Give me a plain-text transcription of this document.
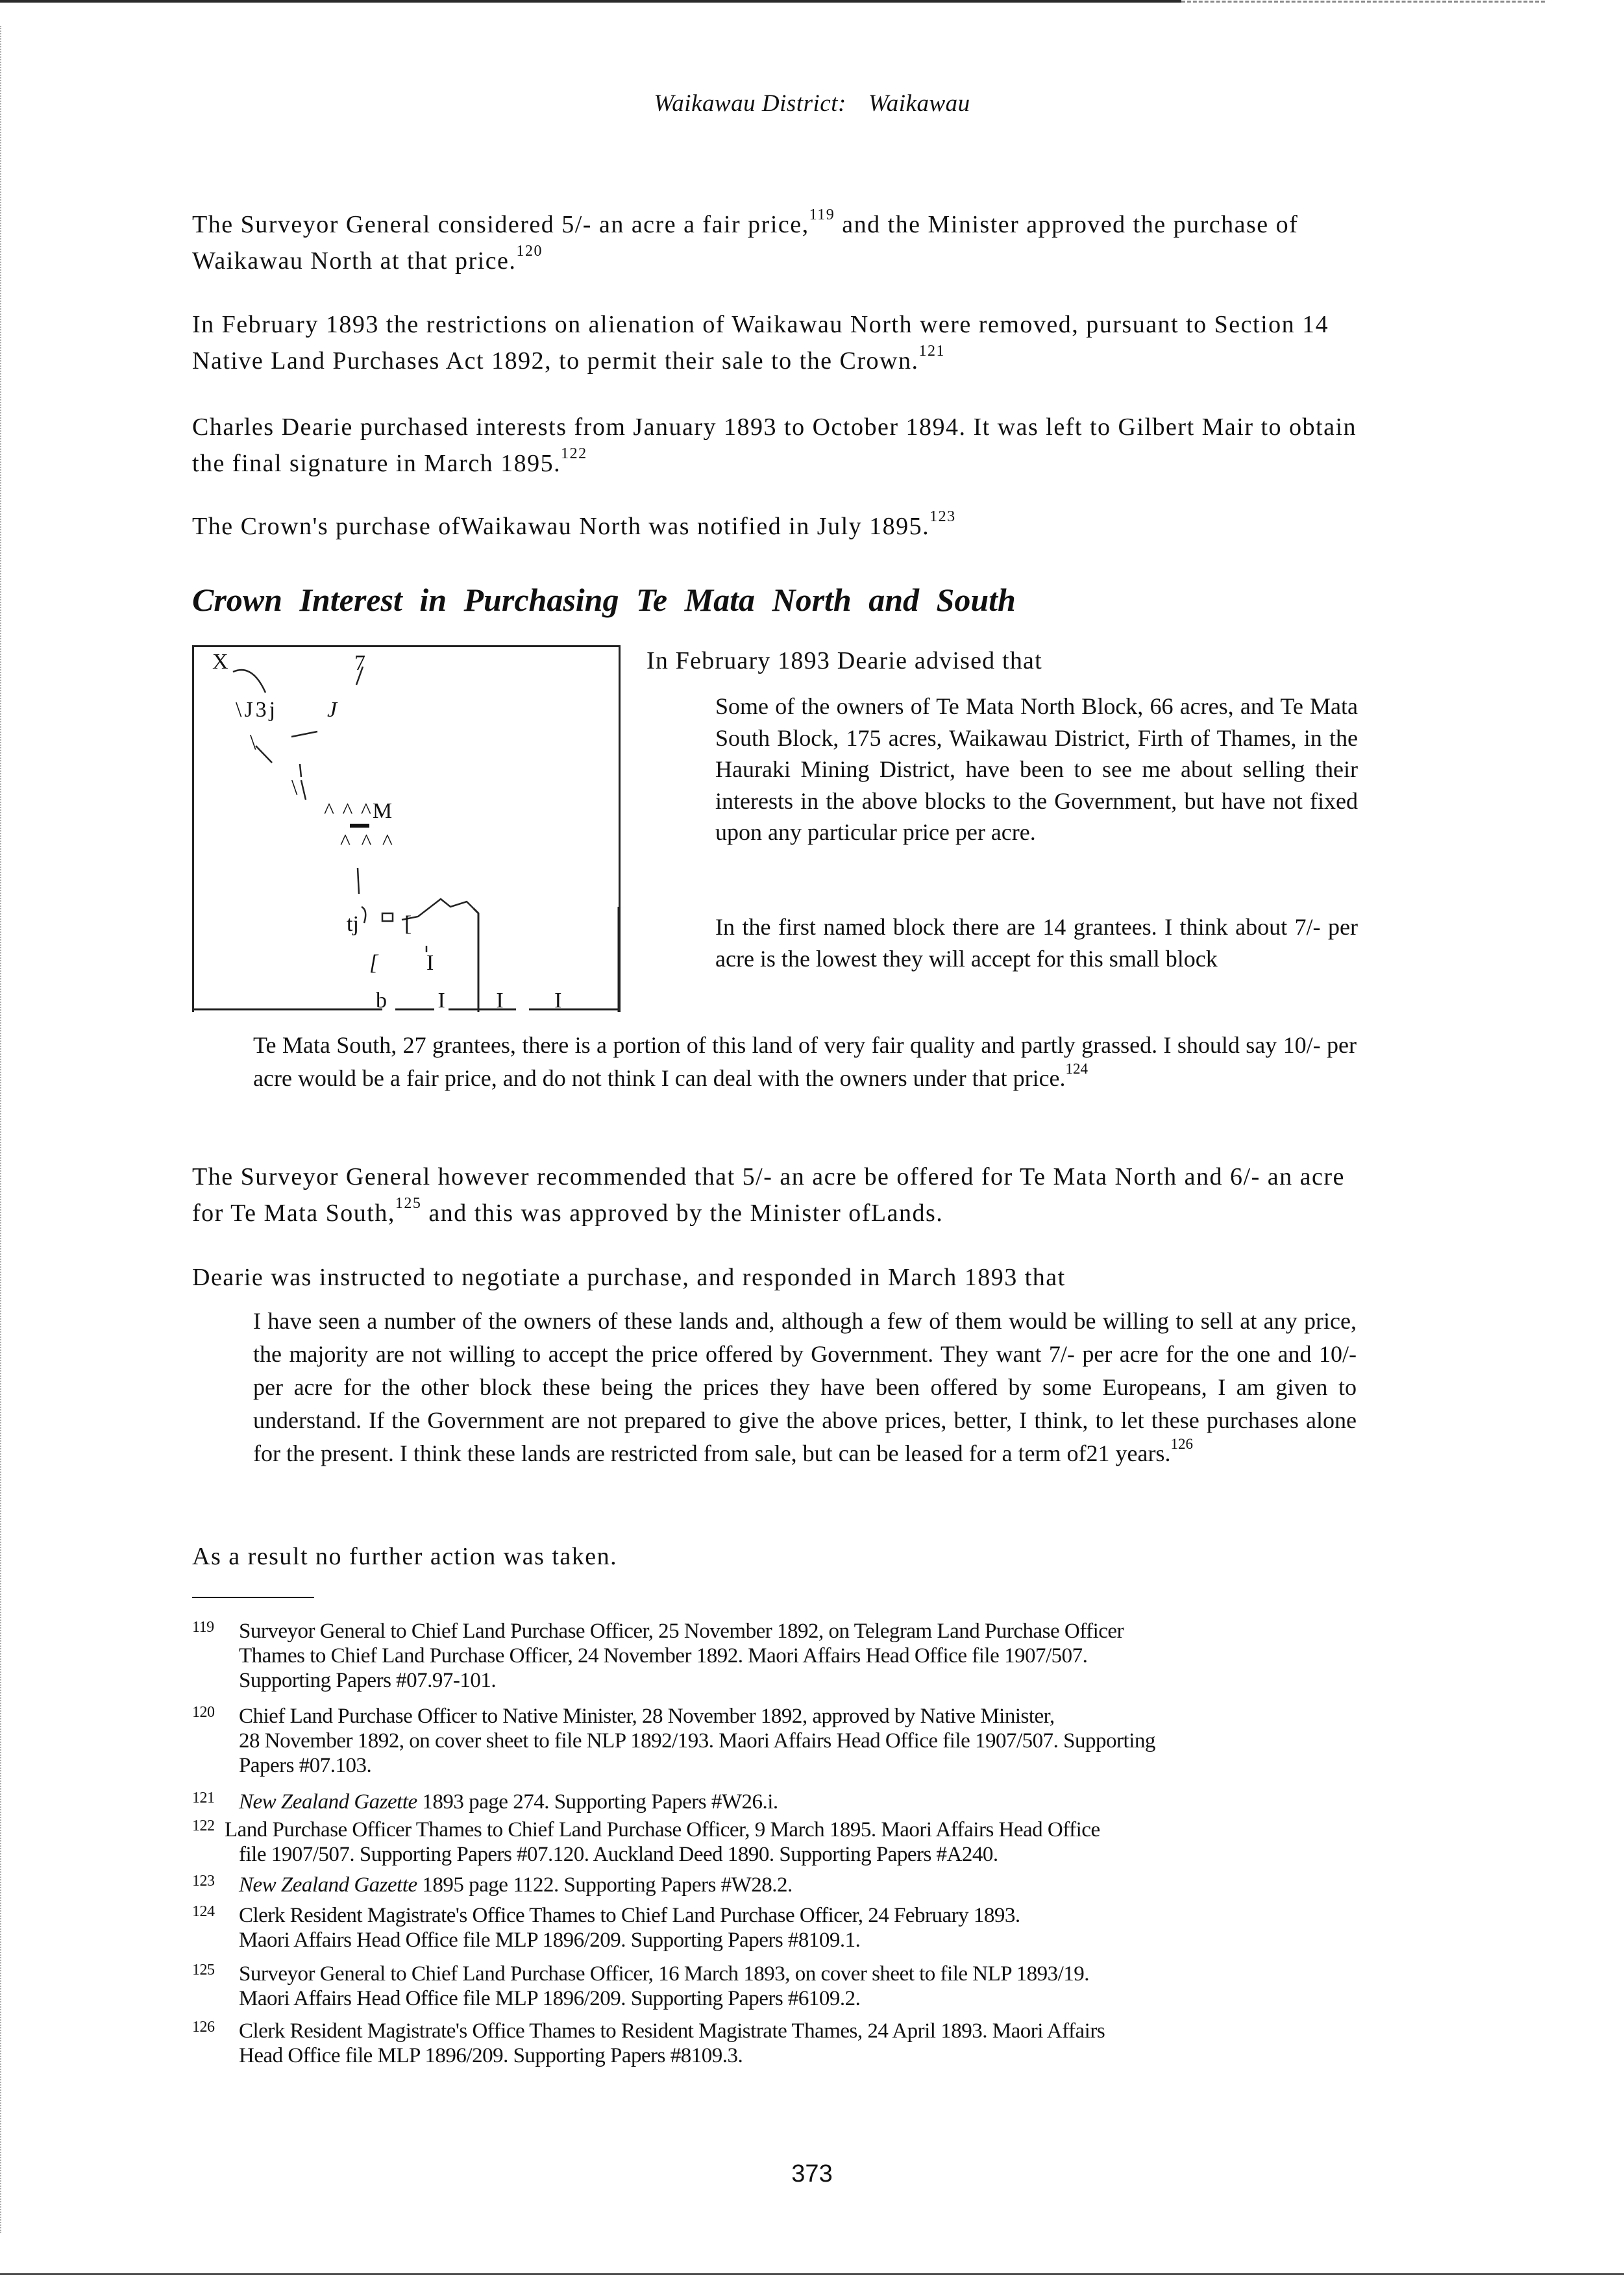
Waikawau District: Waikawau

The Surveyor General considered 5/- an acre a fair price,$^{119}$ and the Minister approved the purchase of Waikawau North at that price.$^{120}$

In February 1893 the restrictions on alienation of Waikawau North were removed, pursuant to Section 14 Native Land Purchases Act 1892, to permit their sale to the Crown.$^{121}$

Charles Dearie purchased interests from January 1893 to October 1894. It was left to Gilbert Mair to obtain the final signature in March 1895.$^{122}$

The Crown's purchase ofWaikawau North was notified in July 1895.$^{123}$

Crown Interest in Purchasing Te Mata North and South
X	7
\J3j J
\
\
^ ^ ^M
^ ^ ^
tj [
[ I
b I I I

In February 1893 Dearie advised that

Some of the owners of Te Mata North Block, 66 acres, and Te Mata South Block, 175 acres, Waikawau District, Firth of Thames, in the Hauraki Mining District, have been to see me about selling their interests in the above blocks to the Government, but have not fixed upon any particular price per acre.

In the first named block there are 14 grantees. I think about 7/- per acre is the lowest they will accept for this small block

Te Mata South, 27 grantees, there is a portion of this land of very fair quality and partly grassed. I should say 10/- per acre would be a fair price, and do not think I can deal with the owners under that price.$^{124}$

The Surveyor General however recommended that 5/- an acre be offered for Te Mata North and 6/- an acre for Te Mata South,$^{125}$ and this was approved by the Minister ofLands.

Dearie was instructed to negotiate a purchase, and responded in March 1893 that

I have seen a number of the owners of these lands and, although a few of them would be willing to sell at any price, the majority are not willing to accept the price offered by Government. They want 7/- per acre for the one and 10/- per acre for the other block these being the prices they have been offered by some Europeans, I am given to understand. If the Government are not prepared to give the above prices, better, I think, to let these purchases alone for the present. I think these lands are restricted from sale, but can be leased for a term of21 years.$^{126}$

As a result no further action was taken.

119 Surveyor General to Chief Land Purchase Officer, 25 November 1892, on Telegram Land Purchase Officer
Thames to Chief Land Purchase Officer, 24 November 1892. Maori Affairs Head Office file 1907/507.
Supporting Papers #07.97-101.
120 Chief Land Purchase Officer to Native Minister, 28 November 1892, approved by Native Minister,
28 November 1892, on cover sheet to file NLP 1892/193. Maori Affairs Head Office file 1907/507. Supporting
Papers #07.103.
121 New Zealand Gazette 1893 page 274. Supporting Papers #W26.i.
122 Land Purchase Officer Thames to Chief Land Purchase Officer, 9 March 1895. Maori Affairs Head Office
file 1907/507. Supporting Papers #07.120. Auckland Deed 1890. Supporting Papers #A240.
123 New Zealand Gazette 1895 page 1122. Supporting Papers #W28.2.
124 Clerk Resident Magistrate's Office Thames to Chief Land Purchase Officer, 24 February 1893.
Maori Affairs Head Office file MLP 1896/209. Supporting Papers #8109.1.
125 Surveyor General to Chief Land Purchase Officer, 16 March 1893, on cover sheet to file NLP 1893/19.
Maori Affairs Head Office file MLP 1896/209. Supporting Papers #6109.2.
126 Clerk Resident Magistrate's Office Thames to Resident Magistrate Thames, 24 April 1893. Maori Affairs
Head Office file MLP 1896/209. Supporting Papers #8109.3.
373
